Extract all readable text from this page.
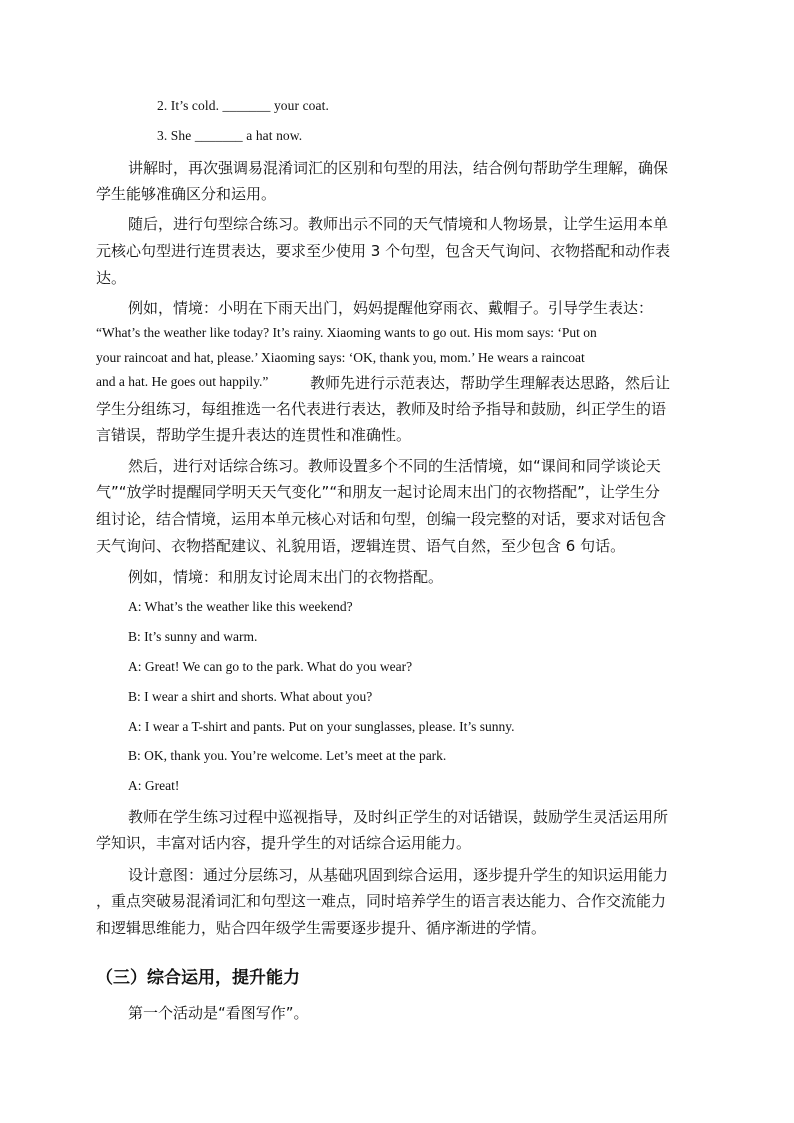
2. It’s cold. _______ your coat.
3. She _______ a hat now.
讲解时，再次强调易混淆词汇的区别和句型的用法，结合例句帮助学生理解，确保
学生能够准确区分和运用。
随后，进行句型综合练习。教师出示不同的天气情境和人物场景，让学生运用本单
元核心句型进行连贯表达，要求至少使用 3 个句型，包含天气询问、衣物搭配和动作表
达。
例如，情境：小明在下雨天出门，妈妈提醒他穿雨衣、戴帽子。引导学生表达：
“What’s the weather like today? It’s rainy. Xiaoming wants to go out. His mom says: ‘Put on
your raincoat and hat, please.’ Xiaoming says: ‘OK, thank you, mom.’ He wears a raincoat
and a hat. He goes out happily.”	教师先进行示范表达，帮助学生理解表达思路，然后让
学生分组练习，每组推选一名代表进行表达，教师及时给予指导和鼓励，纠正学生的语
言错误，帮助学生提升表达的连贯性和准确性。
然后，进行对话综合练习。教师设置多个不同的生活情境，如“课间和同学谈论天
气”“放学时提醒同学明天天气变化”“和朋友一起讨论周末出门的衣物搭配”，让学生分
组讨论，结合情境，运用本单元核心对话和句型，创编一段完整的对话，要求对话包含
天气询问、衣物搭配建议、礼貌用语，逻辑连贯、语气自然，至少包含 6 句话。
例如，情境：和朋友讨论周末出门的衣物搭配。
A: What’s the weather like this weekend?
B: It’s sunny and warm.
A: Great! We can go to the park. What do you wear?
B: I wear a shirt and shorts. What about you?
A: I wear a T-shirt and pants. Put on your sunglasses, please. It’s sunny.
B: OK, thank you. You’re welcome. Let’s meet at the park.
A: Great!
教师在学生练习过程中巡视指导，及时纠正学生的对话错误，鼓励学生灵活运用所
学知识，丰富对话内容，提升学生的对话综合运用能力。
设计意图：通过分层练习，从基础巩固到综合运用，逐步提升学生的知识运用能力
，重点突破易混淆词汇和句型这一难点，同时培养学生的语言表达能力、合作交流能力
和逻辑思维能力，贴合四年级学生需要逐步提升、循序渐进的学情。
（三）综合运用，提升能力
第一个活动是“看图写作”。
